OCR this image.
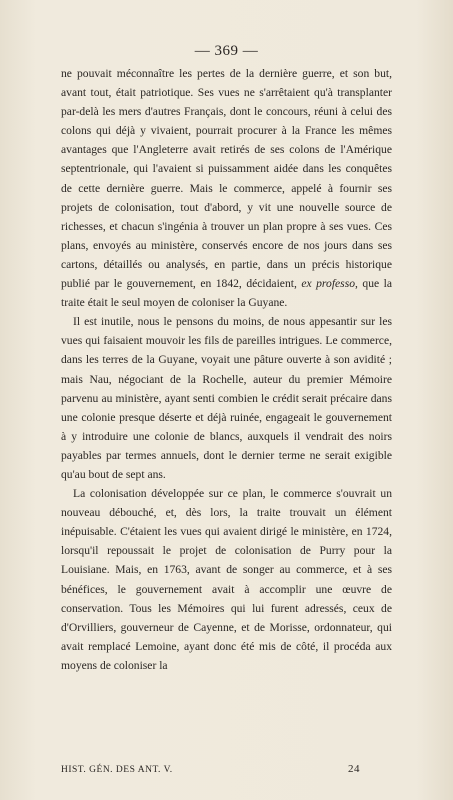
— 369 —

ne pouvait méconnaître les pertes de la dernière guerre, et son but, avant tout, était patriotique. Ses vues ne s'arrêtaient qu'à transplanter par-delà les mers d'autres Français, dont le concours, réuni à celui des colons qui déjà y vivaient, pourrait procurer à la France les mêmes avantages que l'Angleterre avait retirés de ses colons de l'Amérique septentrionale, qui l'avaient si puissamment aidée dans les conquêtes de cette dernière guerre. Mais le commerce, appelé à fournir ses projets de colonisation, tout d'abord, y vit une nouvelle source de richesses, et chacun s'ingénia à trouver un plan propre à ses vues. Ces plans, envoyés au ministère, conservés encore de nos jours dans ses cartons, détaillés ou analysés, en partie, dans un précis historique publié par le gouvernement, en 1842, décidaient, ex professo, que la traite était le seul moyen de coloniser la Guyane.

Il est inutile, nous le pensons du moins, de nous appesantir sur les vues qui faisaient mouvoir les fils de pareilles intrigues. Le commerce, dans les terres de la Guyane, voyait une pâture ouverte à son avidité ; mais Nau, négociant de la Rochelle, auteur du premier Mémoire parvenu au ministère, ayant senti combien le crédit serait précaire dans une colonie presque déserte et déjà ruinée, engageait le gouvernement à y introduire une colonie de blancs, auxquels il vendrait des noirs payables par termes annuels, dont le dernier terme ne serait exigible qu'au bout de sept ans.

La colonisation développée sur ce plan, le commerce s'ouvrait un nouveau débouché, et, dès lors, la traite trouvait un élément inépuisable. C'étaient les vues qui avaient dirigé le ministère, en 1724, lorsqu'il repoussait le projet de colonisation de Purry pour la Louisiane. Mais, en 1763, avant de songer au commerce, et à ses bénéfices, le gouvernement avait à accomplir une œuvre de conservation. Tous les Mémoires qui lui furent adressés, ceux de d'Orvilliers, gouverneur de Cayenne, et de Morisse, ordonnateur, qui avait remplacé Lemoine, ayant donc été mis de côté, il procéda aux moyens de coloniser la

HIST. GÉN. DES ANT. V.	24
